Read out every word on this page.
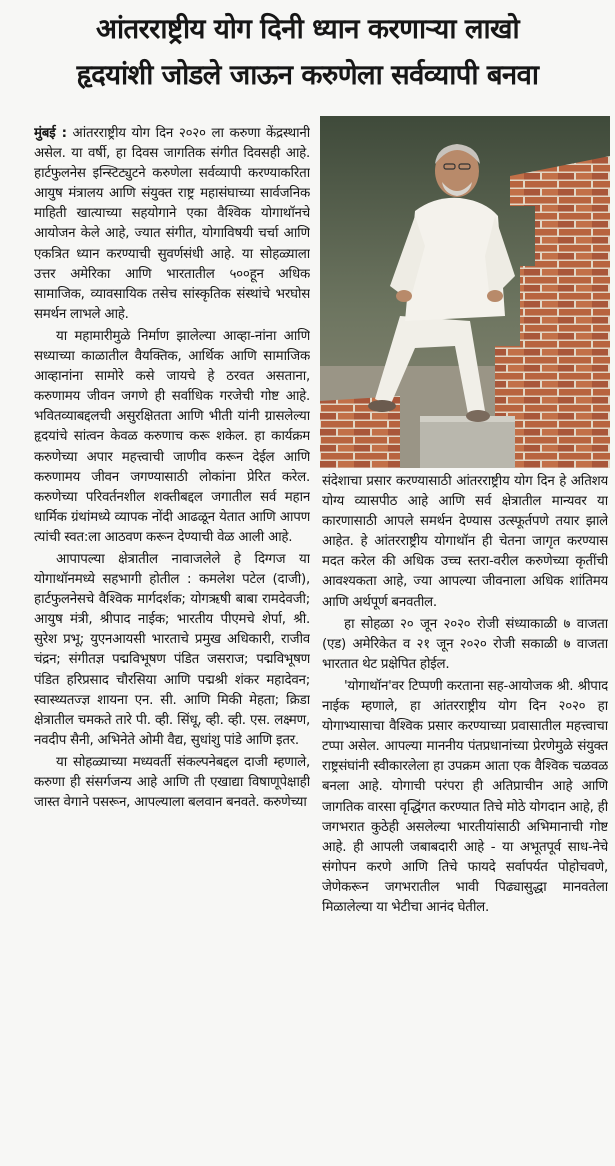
आंतरराष्ट्रीय योग दिनी ध्यान करणार्‍या लाखो
हृदयांशी जोडले जाऊन करुणेला सर्वव्यापी बनवा

मुंबई : आंतरराष्ट्रीय योग दिन २०२० ला करुणा केंद्रस्थानी असेल. या वर्षी, हा दिवस जागतिक संगीत दिवसही आहे. हार्टफुलनेस इन्स्टिट्युटने करुणेला सर्वव्यापी करण्याकरिता आयुष मंत्रालय आणि संयुक्त राष्ट्र महासंघाच्या सार्वजनिक माहिती खात्याच्या सहयोगाने एका वैश्विक योगाथॉनचे आयोजन केले आहे, ज्यात संगीत, योगाविषयी चर्चा आणि एकत्रित ध्यान करण्याची सुवर्णसंधी आहे. या सोहळ्याला उत्तर अमेरिका आणि भारतातील ५००हून अधिक सामाजिक, व्यावसायिक तसेच सांस्कृतिक संस्थांचे भरघोस समर्थन लाभले आहे.

या महामारीमुळे निर्माण झालेल्या आव्हा-नांना आणि सध्याच्या काळातील वैयक्तिक, आर्थिक आणि सामाजिक आव्हानांना सामोरे कसे जायचे हे ठरवत असताना, करुणामय जीवन जगणे ही सर्वाधिक गरजेची गोष्ट आहे. भवितव्याबद्दलची असुरक्षितता आणि भीती यांनी ग्रासलेल्या हृदयांचे सांत्वन केवळ करुणाच करू शकेल. हा कार्यक्रम करुणेच्या अपार महत्त्वाची जाणीव करून देईल आणि करुणामय जीवन जगण्यासाठी लोकांना प्रेरित करेल. करुणेच्या परिवर्तनशील शक्तीबद्दल जगातील सर्व महान धार्मिक ग्रंथांमध्ये व्यापक नोंदी आढळून येतात आणि आपण त्यांची स्वत:ला आठवण करून देण्याची वेळ आली आहे.

आपापल्या क्षेत्रातील नावाजलेले हे दिग्गज या योगाथॉनमध्ये सहभागी होतील : कमलेश पटेल (दाजी), हार्टफुलनेसचे वैश्विक मार्गदर्शक; योगऋषी बाबा रामदेवजी; आयुष मंत्री, श्रीपाद नाईक; भारतीय पीएमचे शेर्पा, श्री. सुरेश प्रभू; युएनआयसी भारताचे प्रमुख अधिकारी, राजीव चंद्रन; संगीतज्ञ पद्मविभूषण पंडित जसराज; पद्मविभूषण पंडित हरिप्रसाद चौरसिया आणि पद्मश्री शंकर महादेवन; स्वास्थ्यतज्ज्ञ शायना एन. सी. आणि मिकी मेहता; क्रिडा क्षेत्रातील चमकते तारे पी. व्ही. सिंधू, व्ही. व्ही. एस. लक्ष्मण, नवदीप सैनी, अभिनेते ओमी वैद्य, सुधांशु पांडे आणि इतर.

या सोहळ्याच्या मध्यवर्ती संकल्पनेबद्दल दाजी म्हणाले, करुणा ही संसर्गजन्य आहे आणि ती एखाद्या विषाणूपेक्षाही जास्त वेगाने पसरून, आपल्याला बलवान बनवते. करुणेच्या

संदेशाचा प्रसार करण्यासाठी आंतरराष्ट्रीय योग दिन हे अतिशय योग्य व्यासपीठ आहे आणि सर्व क्षेत्रातील मान्यवर या कारणासाठी आपले समर्थन देण्यास उत्स्फूर्तपणे तयार झाले आहेत. हे आंतरराष्ट्रीय योगाथॉन ही चेतना जागृत करण्यास मदत करेल की अधिक उच्च स्तरा-वरील करुणेच्या कृतींची आवश्यकता आहे, ज्या आपल्या जीवनाला अधिक शांतिमय आणि अर्थपूर्ण बनवतील.

हा सोहळा २० जून २०२० रोजी संध्याकाळी ७ वाजता (एड) अमेरिकेत व २१ जून २०२० रोजी सकाळी ७ वाजता भारतात थेट प्रक्षेपित होईल.

'योगाथॉन'वर टिप्पणी करताना सह-आयोजक श्री. श्रीपाद नाईक म्हणाले, हा आंतरराष्ट्रीय योग दिन २०२० हा योगाभ्यासाचा वैश्विक प्रसार करण्याच्या प्रवासातील महत्त्वाचा टप्पा असेल. आपल्या माननीय पंतप्रधानांच्या प्रेरणेमुळे संयुक्त राष्ट्रसंघांनी स्वीकारलेला हा उपक्रम आता एक वैश्विक चळवळ बनला आहे. योगाची परंपरा ही अतिप्राचीन आहे आणि जागतिक वारसा वृद्धिंगत करण्यात तिचे मोठे योगदान आहे, ही जगभरात कुठेही असलेल्या भारतीयांसाठी अभिमानाची गोष्ट आहे. ही आपली जबाबदारी आहे - या अभूतपूर्व साध-नेचे संगोपन करणे आणि तिचे फायदे सर्वापर्यत पोहोचवणे, जेणेकरून जगभरातील भावी पिढ्यासुद्धा मानवतेला मिळालेल्या या भेटीचा आनंद घेतील.
